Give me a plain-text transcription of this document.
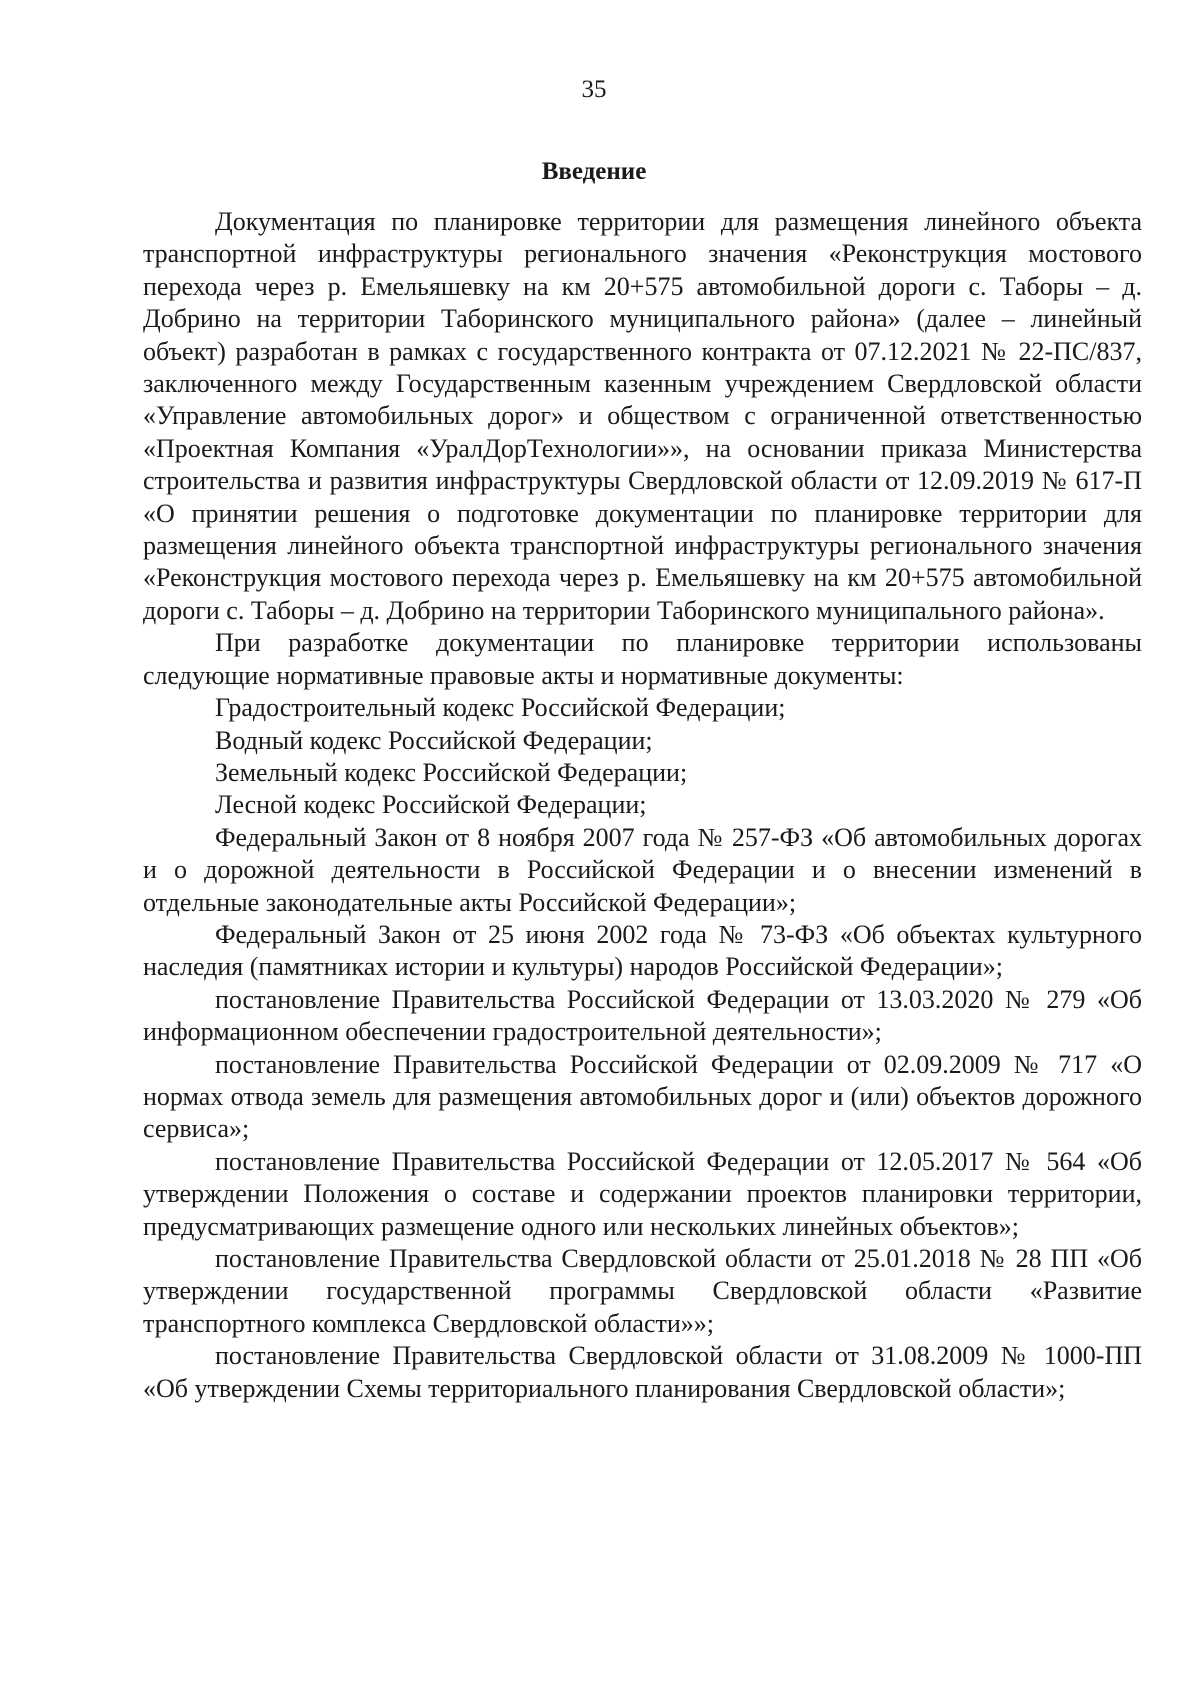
35
Введение

Документация по планировке территории для размещения линейного объекта транспортной инфраструктуры регионального значения «Реконструкция мостового перехода через р. Емельяшевку на км 20+575 автомобильной дороги с. Таборы – д. Добрино на территории Таборинского муниципального района» (далее – линейный объект) разработан в рамках с государственного контракта от 07.12.2021 № 22-ПС/837, заключенного между Государственным казенным учреждением Свердловской области «Управление автомобильных дорог» и обществом с ограниченной ответственностью «Проектная Компания «УралДорТехнологии»», на основании приказа Министерства строительства и развития инфраструктуры Свердловской области от 12.09.2019 № 617-П «О принятии решения о подготовке документации по планировке территории для размещения линейного объекта транспортной инфраструктуры регионального значения «Реконструкция мостового перехода через р. Емельяшевку на км 20+575 автомобильной дороги с. Таборы – д. Добрино на территории Таборинского муниципального района».

При разработке документации по планировке территории использованы следующие нормативные правовые акты и нормативные документы:

Градостроительный кодекс Российской Федерации;

Водный кодекс Российской Федерации;

Земельный кодекс Российской Федерации;

Лесной кодекс Российской Федерации;

Федеральный Закон от 8 ноября 2007 года № 257-ФЗ «Об автомобильных дорогах и о дорожной деятельности в Российской Федерации и о внесении изменений в отдельные законодательные акты Российской Федерации»;

Федеральный Закон от 25 июня 2002 года № 73-ФЗ «Об объектах культурного наследия (памятниках истории и культуры) народов Российской Федерации»;

постановление Правительства Российской Федерации от 13.03.2020 № 279 «Об информационном обеспечении градостроительной деятельности»;

постановление Правительства Российской Федерации от 02.09.2009 № 717 «О нормах отвода земель для размещения автомобильных дорог и (или) объектов дорожного сервиса»;

постановление Правительства Российской Федерации от 12.05.2017 № 564 «Об утверждении Положения о составе и содержании проектов планировки территории, предусматривающих размещение одного или нескольких линейных объектов»;

постановление Правительства Свердловской области от 25.01.2018 № 28 ПП «Об утверждении государственной программы Свердловской области «Развитие транспортного комплекса Свердловской области»»;

постановление Правительства Свердловской области от 31.08.2009 № 1000-ПП «Об утверждении Схемы территориального планирования Свердловской области»;
